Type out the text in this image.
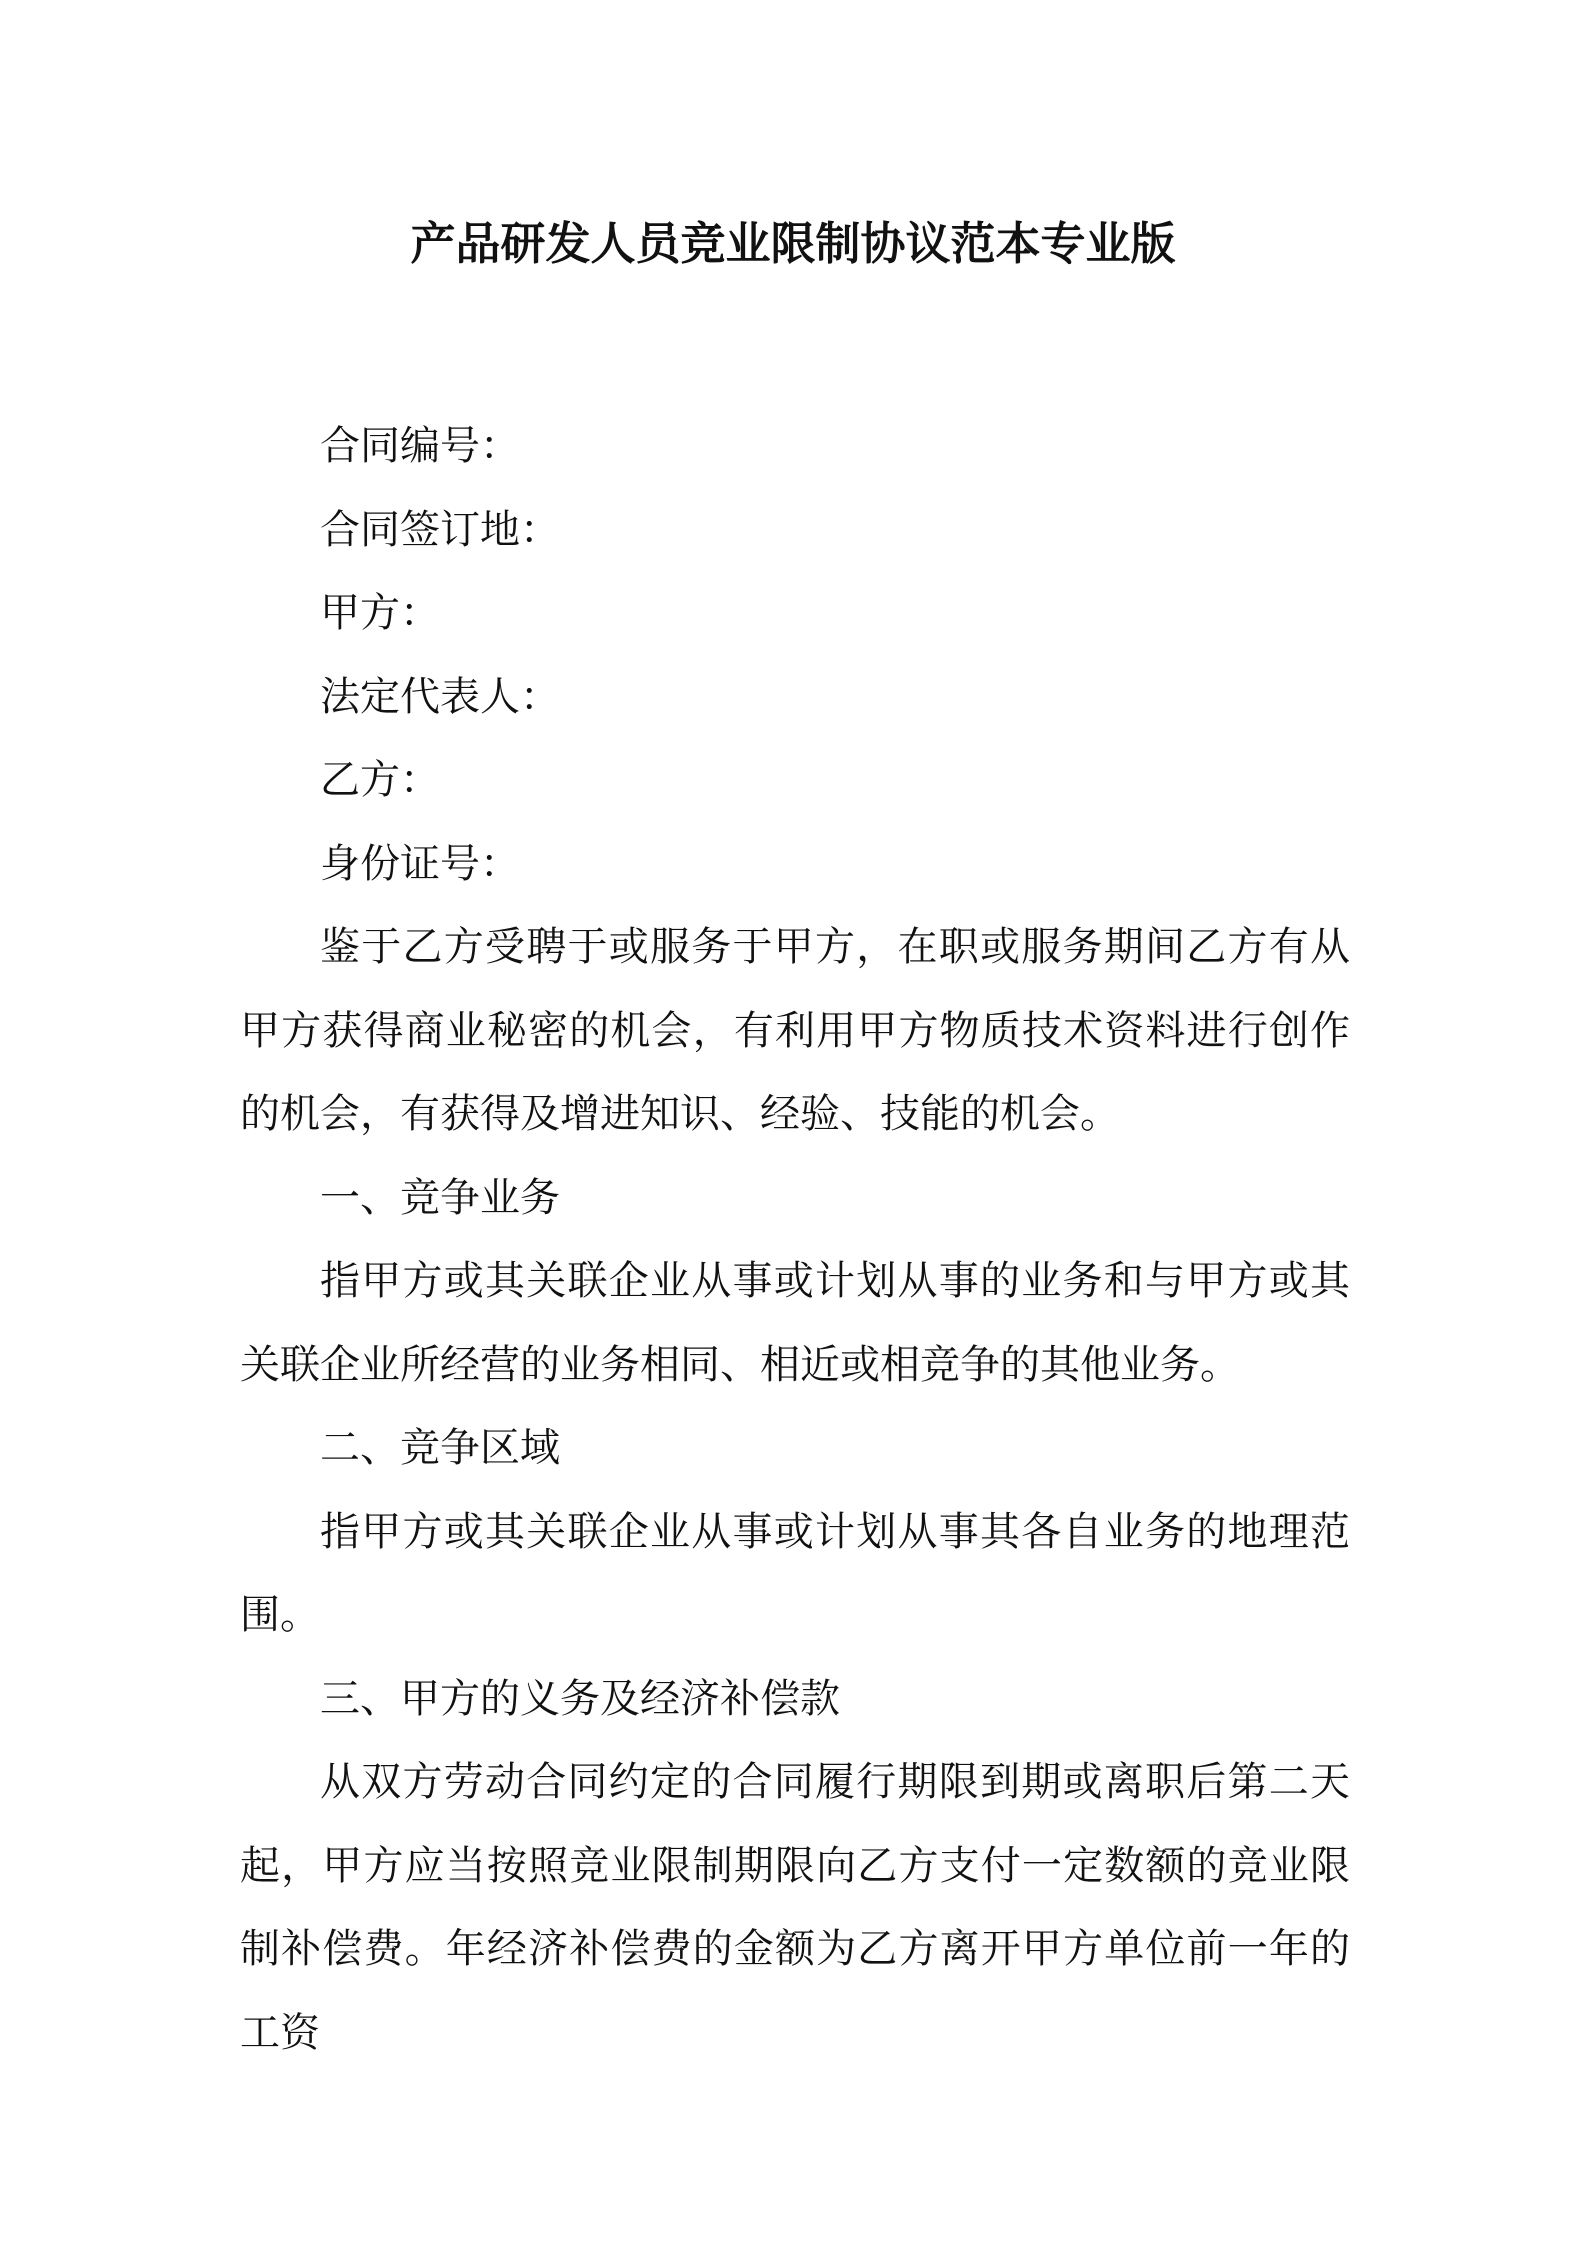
产品研发人员竞业限制协议范本专业版

合同编号：

合同签订地：

甲方：

法定代表人：

乙方：

身份证号：

鉴于乙方受聘于或服务于甲方，在职或服务期间乙方有从甲方获得商业秘密的机会，有利用甲方物质技术资料进行创作的机会，有获得及增进知识、经验、技能的机会。

一、竞争业务

指甲方或其关联企业从事或计划从事的业务和与甲方或其关联企业所经营的业务相同、相近或相竞争的其他业务。

二、竞争区域

指甲方或其关联企业从事或计划从事其各自业务的地理范围。

三、甲方的义务及经济补偿款

从双方劳动合同约定的合同履行期限到期或离职后第二天起，甲方应当按照竞业限制期限向乙方支付一定数额的竞业限制补偿费。年经济补偿费的金额为乙方离开甲方单位前一年的工资
